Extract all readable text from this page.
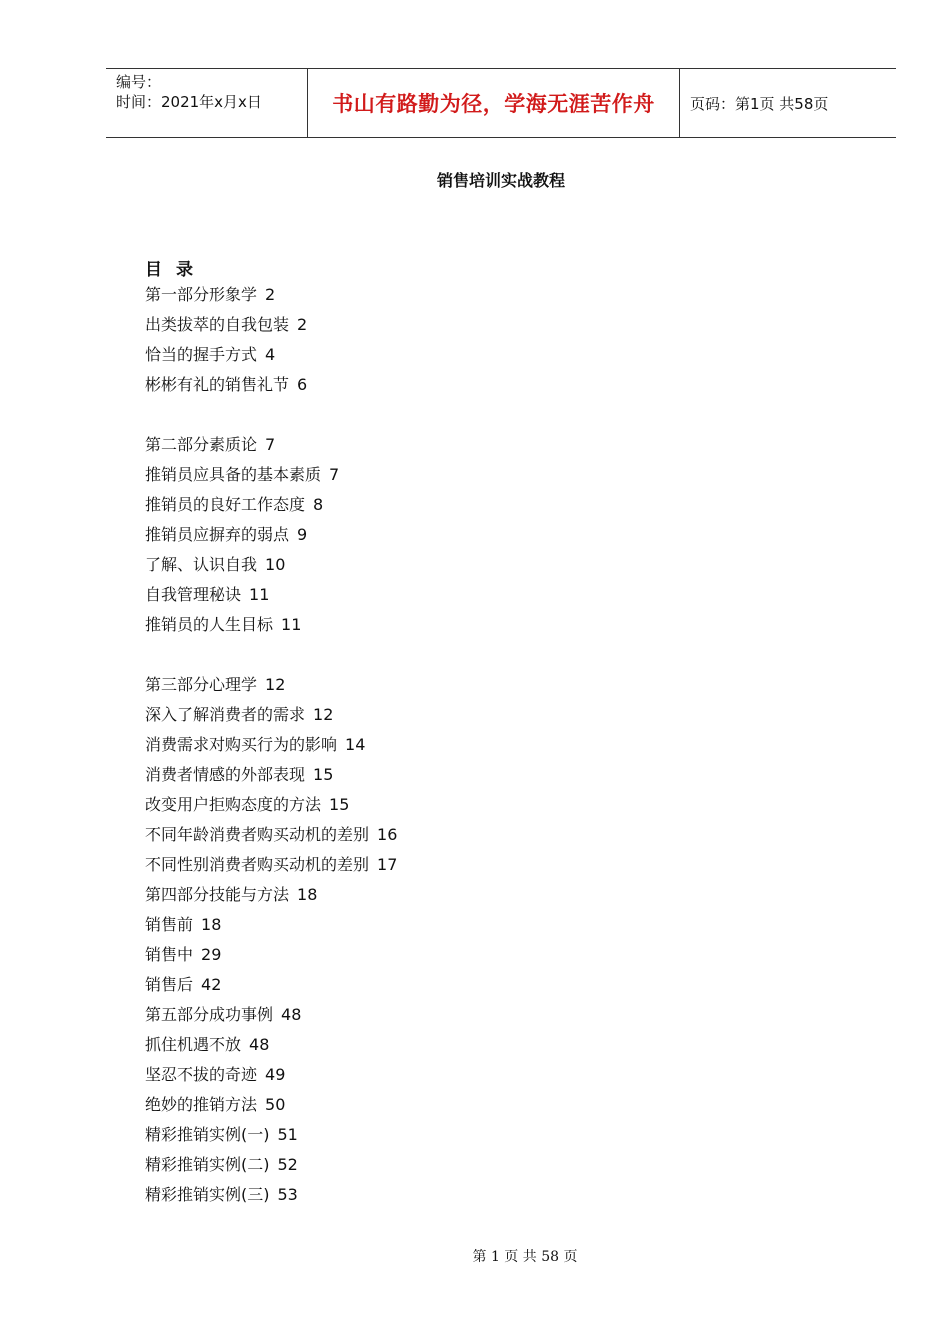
编号：
时间：2021年x月x日	书山有路勤为径，学海无涯苦作舟	页码：第1页 共58页
销售培训实战教程
目录
第一部分形象学 2
出类拔萃的自我包装 2
恰当的握手方式 4
彬彬有礼的销售礼节 6
第二部分素质论 7
推销员应具备的基本素质 7
推销员的良好工作态度 8
推销员应摒弃的弱点 9
了解、认识自我 10
自我管理秘诀 11
推销员的人生目标 11
第三部分心理学 12
深入了解消费者的需求 12
消费需求对购买行为的影响 14
消费者情感的外部表现 15
改变用户拒购态度的方法 15
不同年龄消费者购买动机的差别 16
不同性别消费者购买动机的差别 17
第四部分技能与方法 18
销售前 18
销售中 29
销售后 42
第五部分成功事例 48
抓住机遇不放 48
坚忍不拔的奇迹 49
绝妙的推销方法 50
精彩推销实例(一) 51
精彩推销实例(二) 52
精彩推销实例(三) 53
第 1 页 共 58 页
